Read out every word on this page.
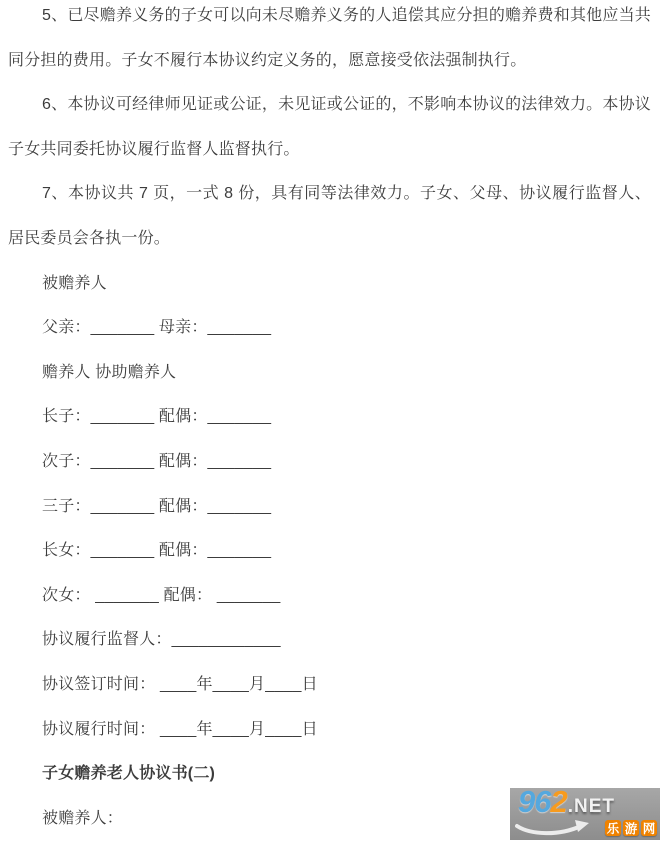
5、已尽赡养义务的子女可以向未尽赡养义务的人追偿其应分担的赡养费和其他应当共同分担的费用。子女不履行本协议约定义务的，愿意接受依法强制执行。

6、本协议可经律师见证或公证，未见证或公证的，不影响本协议的法律效力。本协议子女共同委托协议履行监督人监督执行。

7、本协议共 7 页，一式 8 份，具有同等法律效力。子女、父母、协议履行监督人、居民委员会各执一份。

被赡养人

父亲：_______ 母亲：_______

赡养人 协助赡养人

长子：_______ 配偶：_______

次子：_______ 配偶：_______

三子：_______ 配偶：_______

长女：_______ 配偶：_______

次女： _______ 配偶： _______

协议履行监督人：____________

协议签订时间： ____年____月____日

协议履行时间： ____年____月____日

子女赡养老人协议书(二)

被赡养人：	96 2 .NET
乐 游 网
